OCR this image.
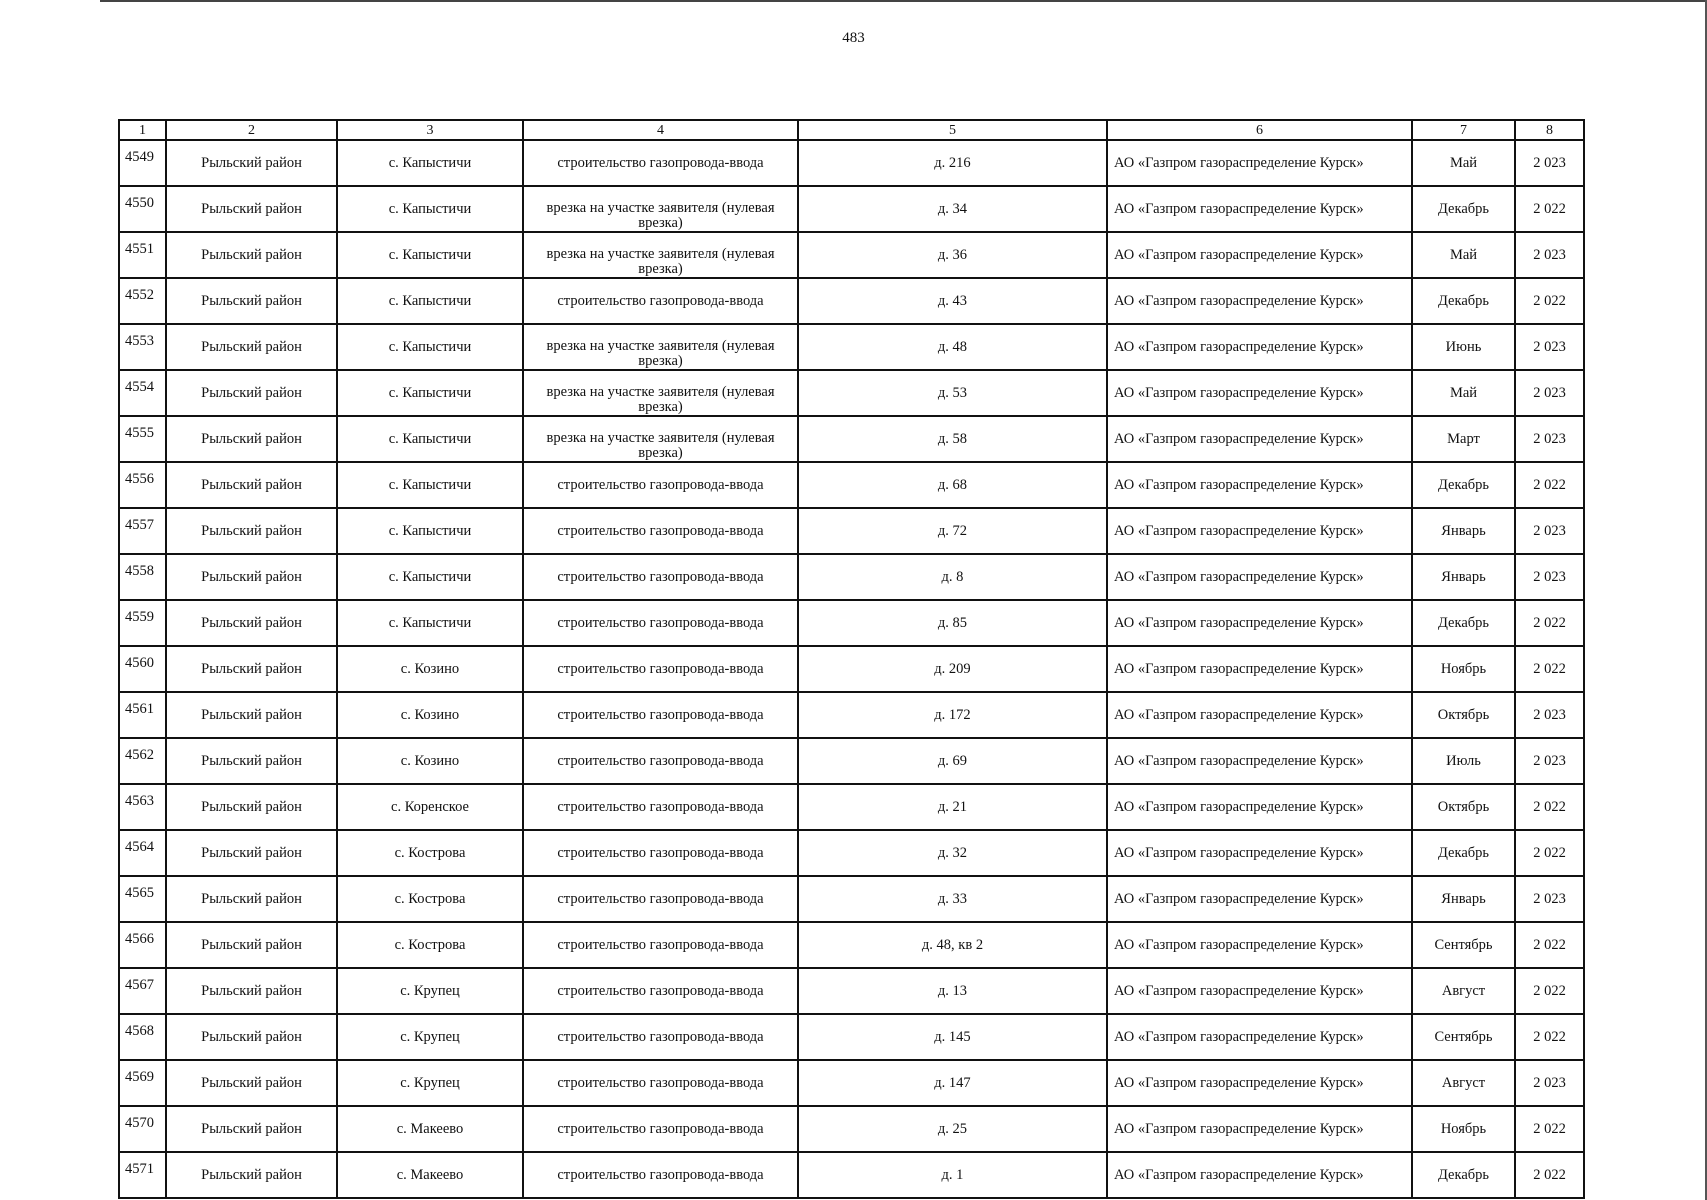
483
1	2	3	4	5	6	7	8
4549	Рыльский район	с. Капыстичи	строительство газопровода-ввода	д. 216	АО «Газпром газораспределение Курск»	Май	2 023
4550	Рыльский район	с. Капыстичи	врезка на участке заявителя (нулевая врезка)	д. 34	АО «Газпром газораспределение Курск»	Декабрь	2 022
4551	Рыльский район	с. Капыстичи	врезка на участке заявителя (нулевая врезка)	д. 36	АО «Газпром газораспределение Курск»	Май	2 023
4552	Рыльский район	с. Капыстичи	строительство газопровода-ввода	д. 43	АО «Газпром газораспределение Курск»	Декабрь	2 022
4553	Рыльский район	с. Капыстичи	врезка на участке заявителя (нулевая врезка)	д. 48	АО «Газпром газораспределение Курск»	Июнь	2 023
4554	Рыльский район	с. Капыстичи	врезка на участке заявителя (нулевая врезка)	д. 53	АО «Газпром газораспределение Курск»	Май	2 023
4555	Рыльский район	с. Капыстичи	врезка на участке заявителя (нулевая врезка)	д. 58	АО «Газпром газораспределение Курск»	Март	2 023
4556	Рыльский район	с. Капыстичи	строительство газопровода-ввода	д. 68	АО «Газпром газораспределение Курск»	Декабрь	2 022
4557	Рыльский район	с. Капыстичи	строительство газопровода-ввода	д. 72	АО «Газпром газораспределение Курск»	Январь	2 023
4558	Рыльский район	с. Капыстичи	строительство газопровода-ввода	д. 8	АО «Газпром газораспределение Курск»	Январь	2 023
4559	Рыльский район	с. Капыстичи	строительство газопровода-ввода	д. 85	АО «Газпром газораспределение Курск»	Декабрь	2 022
4560	Рыльский район	с. Козино	строительство газопровода-ввода	д. 209	АО «Газпром газораспределение Курск»	Ноябрь	2 022
4561	Рыльский район	с. Козино	строительство газопровода-ввода	д. 172	АО «Газпром газораспределение Курск»	Октябрь	2 023
4562	Рыльский район	с. Козино	строительство газопровода-ввода	д. 69	АО «Газпром газораспределение Курск»	Июль	2 023
4563	Рыльский район	с. Коренское	строительство газопровода-ввода	д. 21	АО «Газпром газораспределение Курск»	Октябрь	2 022
4564	Рыльский район	с. Кострова	строительство газопровода-ввода	д. 32	АО «Газпром газораспределение Курск»	Декабрь	2 022
4565	Рыльский район	с. Кострова	строительство газопровода-ввода	д. 33	АО «Газпром газораспределение Курск»	Январь	2 023
4566	Рыльский район	с. Кострова	строительство газопровода-ввода	д. 48, кв 2	АО «Газпром газораспределение Курск»	Сентябрь	2 022
4567	Рыльский район	с. Крупец	строительство газопровода-ввода	д. 13	АО «Газпром газораспределение Курск»	Август	2 022
4568	Рыльский район	с. Крупец	строительство газопровода-ввода	д. 145	АО «Газпром газораспределение Курск»	Сентябрь	2 022
4569	Рыльский район	с. Крупец	строительство газопровода-ввода	д. 147	АО «Газпром газораспределение Курск»	Август	2 023
4570	Рыльский район	с. Макеево	строительство газопровода-ввода	д. 25	АО «Газпром газораспределение Курск»	Ноябрь	2 022
4571	Рыльский район	с. Макеево	строительство газопровода-ввода	д. 1	АО «Газпром газораспределение Курск»	Декабрь	2 022
